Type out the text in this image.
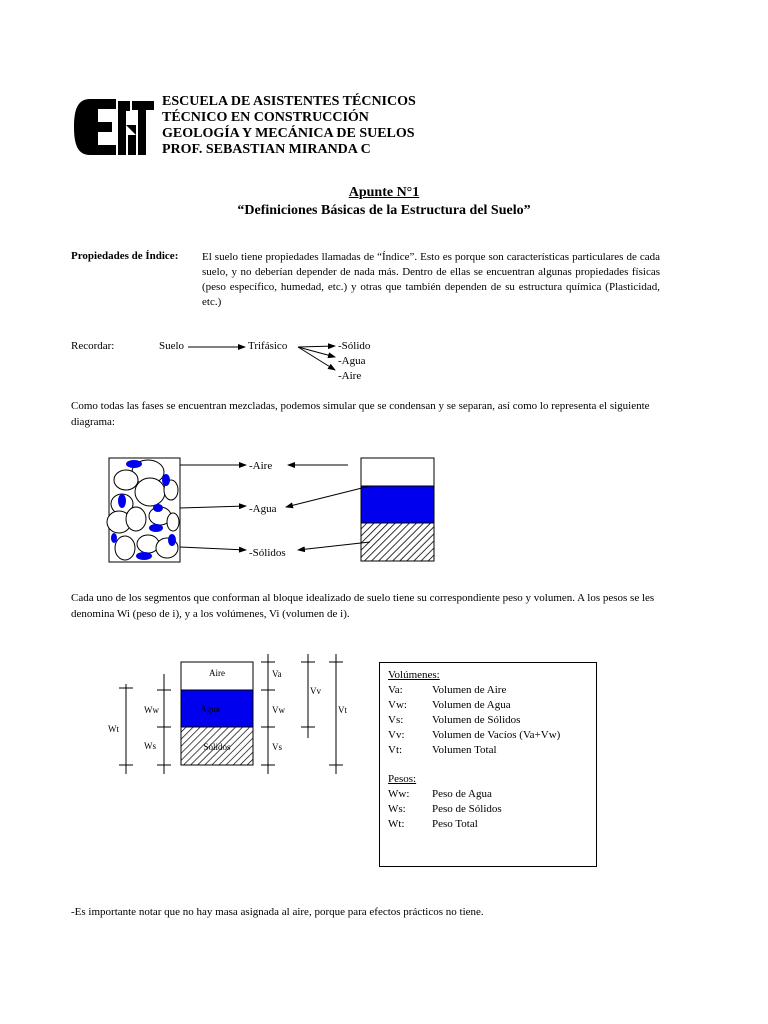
ESCUELA DE ASISTENTES TÉCNICOS
TÉCNICO EN CONSTRUCCIÓN
GEOLOGÍA Y MECÁNICA DE SUELOS
PROF. SEBASTIAN MIRANDA C
Apunte N°1
“Definiciones Básicas de la Estructura del Suelo”
Propiedades de Índice: El suelo tiene propiedades llamadas de “Índice”. Esto es porque son características particulares de cada suelo, y no deberían depender de nada más. Dentro de ellas se encuentran algunas propiedades físicas (peso específico, humedad, etc.) y otras que también dependen de su estructura química (Plasticidad, etc.)
Recordar:	Suelo	Trifásico	-Sólido
-Agua
-Aire
Como todas las fases se encuentran mezcladas, podemos simular que se condensan y se separan, así como lo representa el siguiente diagrama:
-Aire
-Agua
-Sólidos
Cada uno de los segmentos que conforman al bloque idealizado de suelo tiene su correspondiente peso y volumen. A los pesos se les denomina Wi (peso de i), y a los volúmenes, Vi (volumen de i).
Aire
Agua
Sólidos
Wt
Ww
Ws
Va
Vw
Vs
Vv
Vt
Volúmenes:
Va:	Volumen de Aire
Vw: Volumen de Agua
Vs:	Volumen de Sólidos
Vv:	Volumen de Vacíos (Va+Vw)
Vt:	Volumen Total
Pesos:
Ww: Peso de Agua
Ws: Peso de Sólidos
Wt:	Peso Total
-Es importante notar que no hay masa asignada al aire, porque para efectos prácticos no tiene.
